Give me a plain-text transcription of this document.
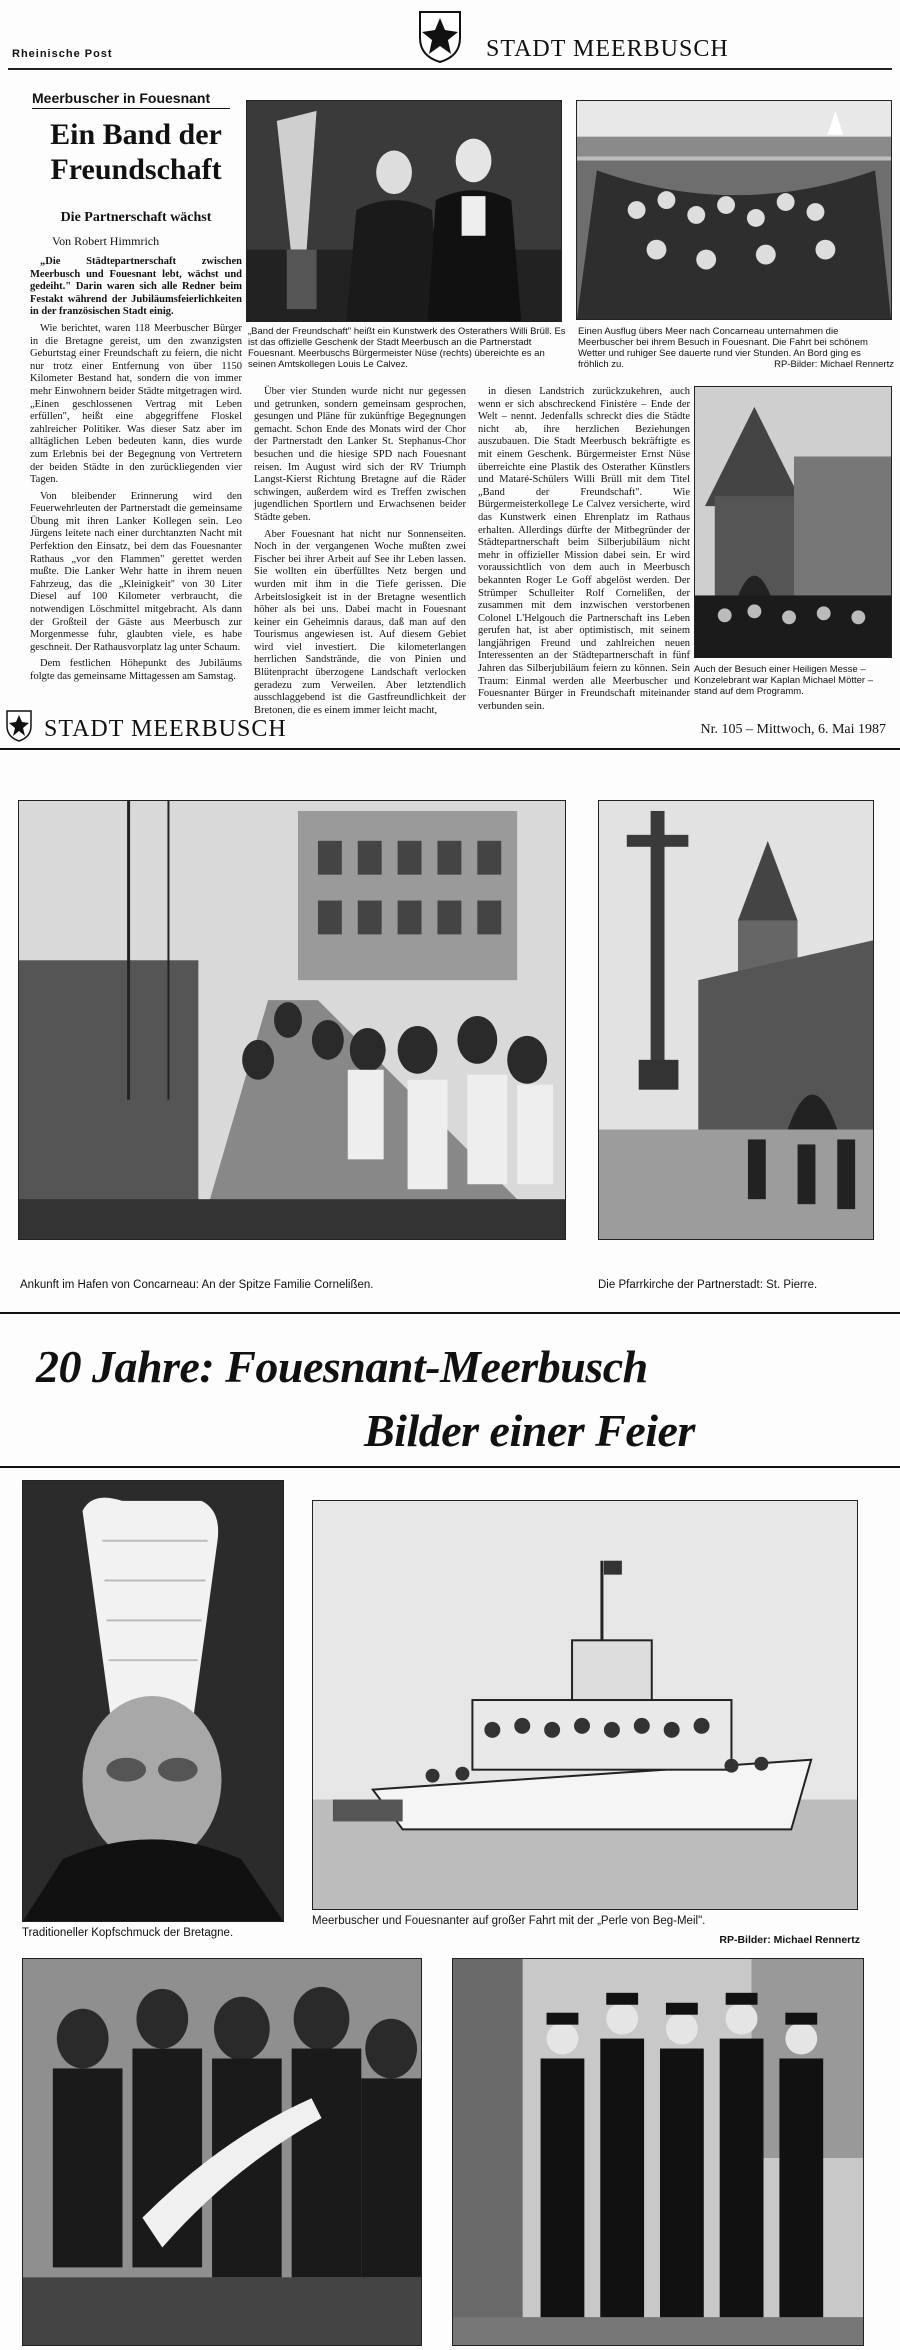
Rheinische Post	STADT MEERBUSCH
Meerbuscher in Fouesnant
Ein Band der Freundschaft
Die Partnerschaft wächst
Von Robert Himmrich

„Die Städtepartnerschaft zwischen Meerbusch und Fouesnant lebt, wächst und gedeiht." Darin waren sich alle Redner beim Festakt während der Jubiläumsfeierlichkeiten in der französischen Stadt einig.

Wie berichtet, waren 118 Meerbuscher Bürger in die Bretagne gereist, um den zwanzigsten Geburtstag einer Freundschaft zu feiern, die nicht nur trotz einer Entfernung von über 1150 Kilometer Bestand hat, sondern die von immer mehr Einwohnern beider Städte mitgetragen wird. „Einen geschlossenen Vertrag mit Leben erfüllen", heißt eine abgegriffene Floskel zahlreicher Politiker. Was dieser Satz aber im alltäglichen Leben bedeuten kann, dies wurde zum Erlebnis bei der Begegnung von Vertretern der beiden Städte in den zurückliegenden vier Tagen.

Von bleibender Erinnerung wird den Feuerwehrleuten der Partnerstadt die gemeinsame Übung mit ihren Lanker Kollegen sein. Leo Jürgens leitete nach einer durchtanzten Nacht mit Perfektion den Einsatz, bei dem das Fouesnanter Rathaus „vor den Flammen" gerettet werden mußte. Die Lanker Wehr hatte in ihrem neuen Fahrzeug, das die „Kleinigkeit" von 30 Liter Diesel auf 100 Kilometer verbraucht, die notwendigen Löschmittel mitgebracht. Als dann der Großteil der Gäste aus Meerbusch zur Morgenmesse fuhr, glaubten viele, es habe geschneit. Der Rathausvorplatz lag unter Schaum.

Dem festlichen Höhepunkt des Jubiläums folgte das gemeinsame Mittagessen am Samstag.

Über vier Stunden wurde nicht nur gegessen und getrunken, sondern gemeinsam gesprochen, gesungen und Pläne für zukünftige Begegnungen gemacht. Schon Ende des Monats wird der Chor der Partnerstadt den Lanker St. Stephanus-Chor besuchen und die hiesige SPD nach Fouesnant reisen. Im August wird sich der RV Triumph Langst-Kierst Richtung Bretagne auf die Räder schwingen, außerdem wird es Treffen zwischen jugendlichen Sportlern und Erwachsenen beider Städte geben.

Aber Fouesnant hat nicht nur Sonnenseiten. Noch in der vergangenen Woche mußten zwei Fischer bei ihrer Arbeit auf See ihr Leben lassen. Sie wollten ein überfülltes Netz bergen und wurden mit ihm in die Tiefe gerissen. Die Arbeitslosigkeit ist in der Bretagne wesentlich höher als bei uns. Dabei macht in Fouesnant keiner ein Geheimnis daraus, daß man auf den Tourismus angewiesen ist. Auf diesem Gebiet wird viel investiert. Die kilometerlangen herrlichen Sandstrände, die von Pinien und Blütenpracht überzogene Landschaft verlocken geradezu zum Verweilen. Aber letztendlich ausschlaggebend ist die Gastfreundlichkeit der Bretonen, die es einem immer leicht macht,

in diesen Landstrich zurückzukehren, auch wenn er sich abschreckend Finistère – Ende der Welt – nennt. Jedenfalls schreckt dies die Städte nicht ab, ihre herzlichen Beziehungen auszubauen. Die Stadt Meerbusch bekräftigte es mit einem Geschenk. Bürgermeister Ernst Nüse überreichte eine Plastik des Osterather Künstlers und Mataré-Schülers Willi Brüll mit dem Titel „Band der Freundschaft". Wie Bürgermeisterkollege Le Calvez versicherte, wird das Kunstwerk einen Ehrenplatz im Rathaus erhalten. Allerdings dürfte der Mitbegründer der Städtepartnerschaft beim Silberjubiläum nicht mehr in offizieller Mission dabei sein. Er wird voraussichtlich von dem auch in Meerbusch bekannten Roger Le Goff abgelöst werden. Der Strümper Schulleiter Rolf Cornelißen, der zusammen mit dem inzwischen verstorbenen Colonel L'Helgouch die Partnerschaft ins Leben gerufen hat, ist aber optimistisch, mit seinem langjährigen Freund und zahlreichen neuen Interessenten an der Städtepartnerschaft in fünf Jahren das Silberjubiläum feiern zu können. Sein Traum: Einmal werden alle Meerbuscher und Fouesnanter Bürger in Freundschaft miteinander verbunden sein.

„Band der Freundschaft" heißt ein Kunstwerk des Osterathers Willi Brüll. Es ist das offizielle Geschenk der Stadt Meerbusch an die Partnerstadt Fouesnant. Meerbuschs Bürgermeister Nüse (rechts) übereichte es an seinen Amtskollegen Louis Le Calvez.
Einen Ausflug übers Meer nach Concarneau unternahmen die Meerbuscher bei ihrem Besuch in Fouesnant. Die Fahrt bei schönem Wetter und ruhiger See dauerte rund vier Stunden. An Bord ging es fröhlich zu.	RP-Bilder: Michael Rennertz
Auch der Besuch einer Heiligen Messe – Konzelebrant war Kaplan Michael Mötter – stand auf dem Programm.
STADT MEERBUSCH	Nr. 105 – Mittwoch, 6. Mai 1987
Ankunft im Hafen von Concarneau: An der Spitze Familie Cornelißen.	Die Pfarrkirche der Partnerstadt: St. Pierre.
20 Jahre: Fouesnant-Meerbusch
Bilder einer Feier
Traditioneller Kopfschmuck der Bretagne.
Meerbuscher und Fouesnanter auf großer Fahrt mit der „Perle von Beg-Meil".
RP-Bilder: Michael Rennertz
